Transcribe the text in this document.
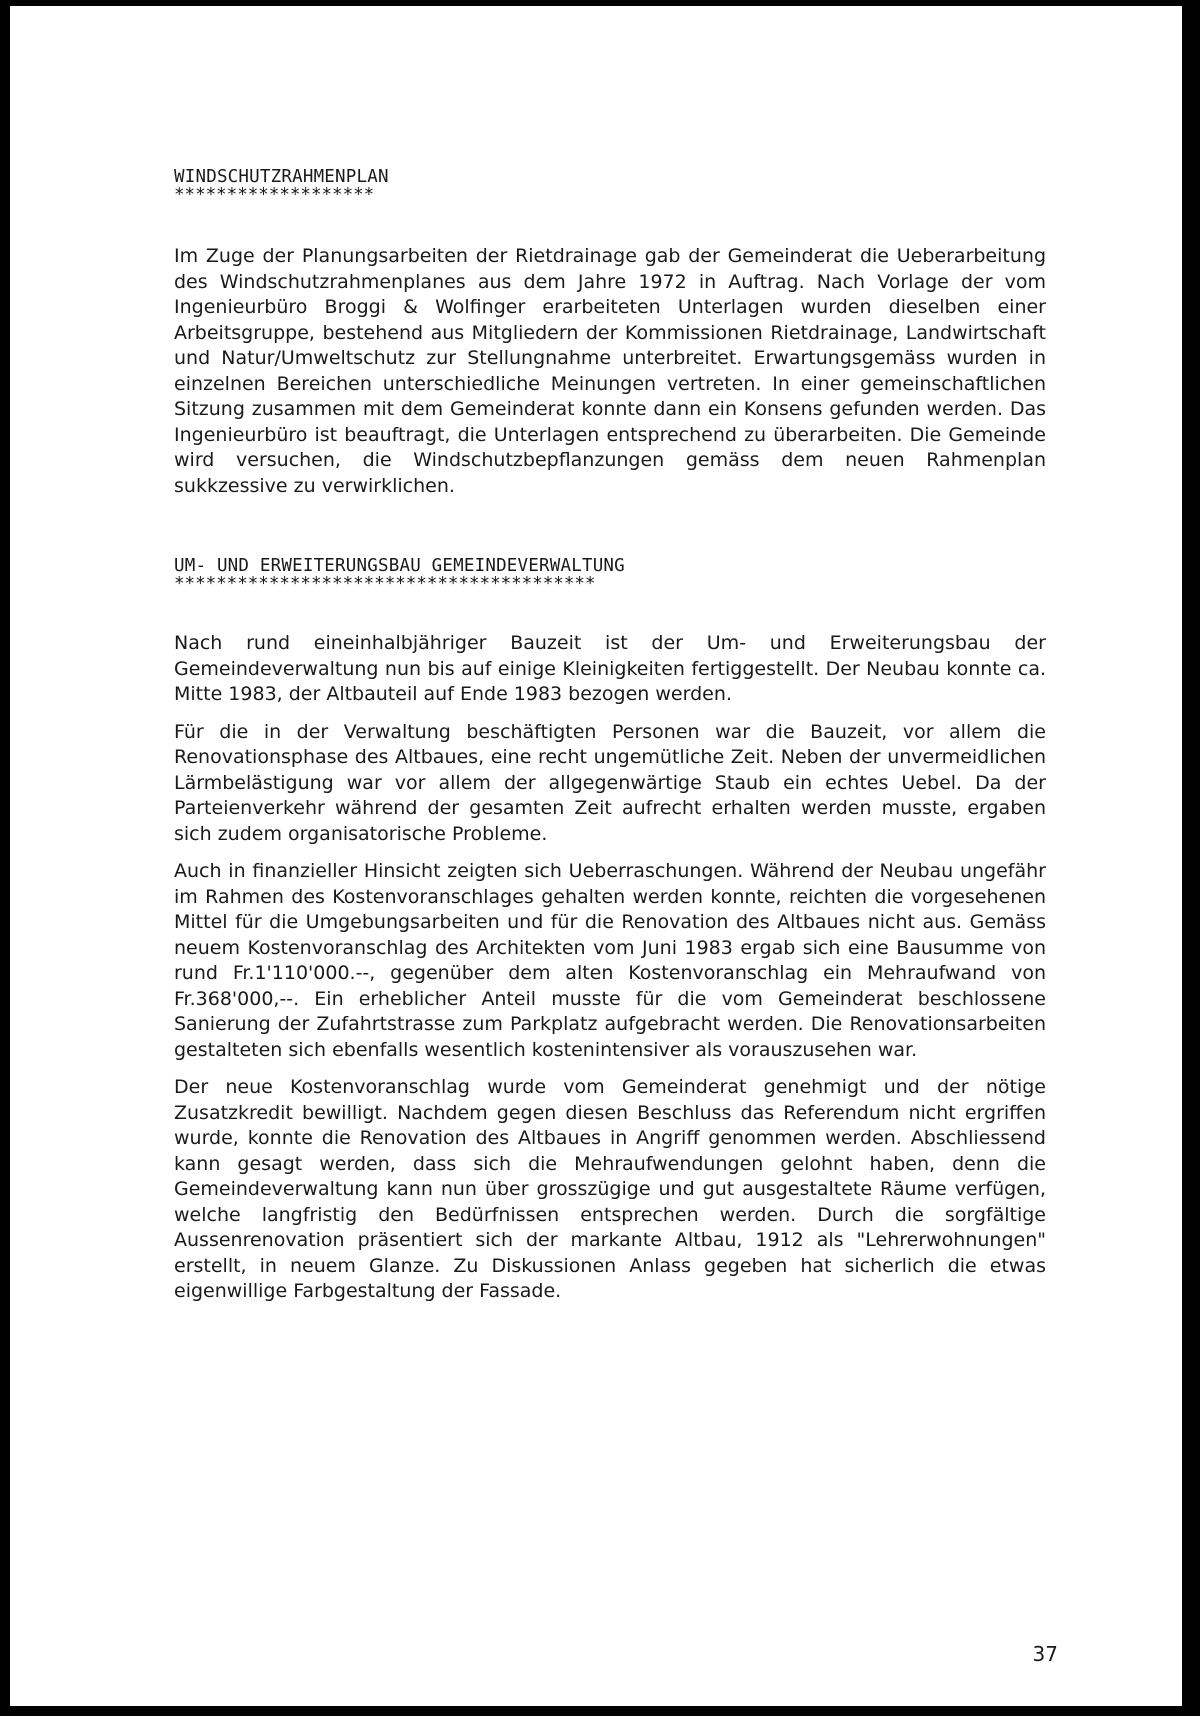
WINDSCHUTZRAHMENPLAN
*******************

Im Zuge der Planungsarbeiten der Rietdrainage gab der Gemeinderat die Ueberarbeitung des Windschutzrahmenplanes aus dem Jahre 1972 in Auftrag. Nach Vorlage der vom Ingenieurbüro Broggi & Wolfinger erarbeiteten Unterlagen wurden dieselben einer Arbeitsgruppe, bestehend aus Mitgliedern der Kommissionen Rietdrainage, Landwirtschaft und Natur/Umweltschutz zur Stellungnahme unterbreitet. Erwartungsgemäss wurden in einzelnen Bereichen unterschiedliche Meinungen vertreten. In einer gemeinschaftlichen Sitzung zusammen mit dem Gemeinderat konnte dann ein Konsens gefunden werden. Das Ingenieurbüro ist beauftragt, die Unterlagen entsprechend zu überarbeiten. Die Gemeinde wird versuchen, die Windschutzbepflanzungen gemäss dem neuen Rahmenplan sukkzessive zu verwirklichen.

UM- UND ERWEITERUNGSBAU GEMEINDEVERWALTUNG
****************************************

Nach rund eineinhalbjähriger Bauzeit ist der Um- und Erweiterungsbau der Gemeindeverwaltung nun bis auf einige Kleinigkeiten fertiggestellt. Der Neubau konnte ca. Mitte 1983, der Altbauteil auf Ende 1983 bezogen werden.

Für die in der Verwaltung beschäftigten Personen war die Bauzeit, vor allem die Renovationsphase des Altbaues, eine recht ungemütliche Zeit. Neben der unvermeidlichen Lärmbelästigung war vor allem der allgegenwärtige Staub ein echtes Uebel. Da der Parteienverkehr während der gesamten Zeit aufrecht erhalten werden musste, ergaben sich zudem organisatorische Probleme.

Auch in finanzieller Hinsicht zeigten sich Ueberraschungen. Während der Neubau ungefähr im Rahmen des Kostenvoranschlages gehalten werden konnte, reichten die vorgesehenen Mittel für die Umgebungsarbeiten und für die Renovation des Altbaues nicht aus. Gemäss neuem Kostenvoranschlag des Architekten vom Juni 1983 ergab sich eine Bausumme von rund Fr.1'110'000.--, gegenüber dem alten Kostenvoranschlag ein Mehraufwand von Fr.368'000,--. Ein erheblicher Anteil musste für die vom Gemeinderat beschlossene Sanierung der Zufahrtstrasse zum Parkplatz aufgebracht werden. Die Renovationsarbeiten gestalteten sich ebenfalls wesentlich kostenintensiver als vorauszusehen war.

Der neue Kostenvoranschlag wurde vom Gemeinderat genehmigt und der nötige Zusatzkredit bewilligt. Nachdem gegen diesen Beschluss das Referendum nicht ergriffen wurde, konnte die Renovation des Altbaues in Angriff genommen werden. Abschliessend kann gesagt werden, dass sich die Mehraufwendungen gelohnt haben, denn die Gemeindeverwaltung kann nun über grosszügige und gut ausgestaltete Räume verfügen, welche langfristig den Bedürfnissen entsprechen werden. Durch die sorgfältige Aussenrenovation präsentiert sich der markante Altbau, 1912 als "Lehrerwohnungen" erstellt, in neuem Glanze. Zu Diskussionen Anlass gegeben hat sicherlich die etwas eigenwillige Farbgestaltung der Fassade.

37
